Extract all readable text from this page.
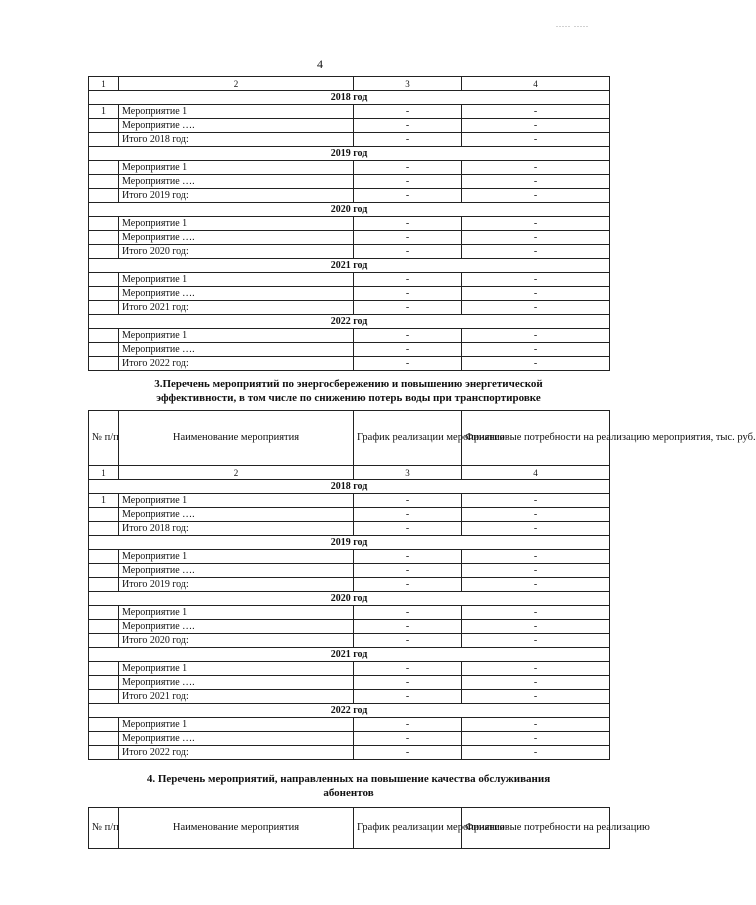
..... .....
4
1	2	3	4
2018 год			
1	Мероприятие 1	-	-
	Мероприятие ….	-	-
	Итого 2018 год:	-	-
2019 год			
	Мероприятие 1	-	-
	Мероприятие ….	-	-
	Итого 2019 год:	-	-
2020 год			
	Мероприятие 1	-	-
	Мероприятие ….	-	-
	Итого 2020 год:	-	-
2021 год			
	Мероприятие 1	-	-
	Мероприятие ….	-	-
	Итого 2021 год:	-	-
2022 год			
	Мероприятие 1	-	-
	Мероприятие ….	-	-
	Итого 2022 год:	-	-
3.Перечень мероприятий по энергосбережению и повышению энергетической
эффективности, в том числе по снижению потерь воды при транспортировке
№ п/п	Наименование мероприятия	График реализации мероприятия	Финансовые потребности на реализацию мероприятия, тыс. руб.
1	2	3	4
2018 год			
1	Мероприятие 1	-	-
	Мероприятие ….	-	-
	Итого 2018 год:	-	-
2019 год			
	Мероприятие 1	-	-
	Мероприятие ….	-	-
	Итого 2019 год:	-	-
2020 год			
	Мероприятие 1	-	-
	Мероприятие ….	-	-
	Итого 2020 год:	-	-
2021 год			
	Мероприятие 1	-	-
	Мероприятие ….	-	-
	Итого 2021 год:	-	-
2022 год			
	Мероприятие 1	-	-
	Мероприятие ….	-	-
	Итого 2022 год:	-	-
4. Перечень мероприятий, направленных на повышение качества обслуживания
абонентов
№ п/п	Наименование мероприятия	График реализации мероприятия	Финансовые потребности на реализацию
